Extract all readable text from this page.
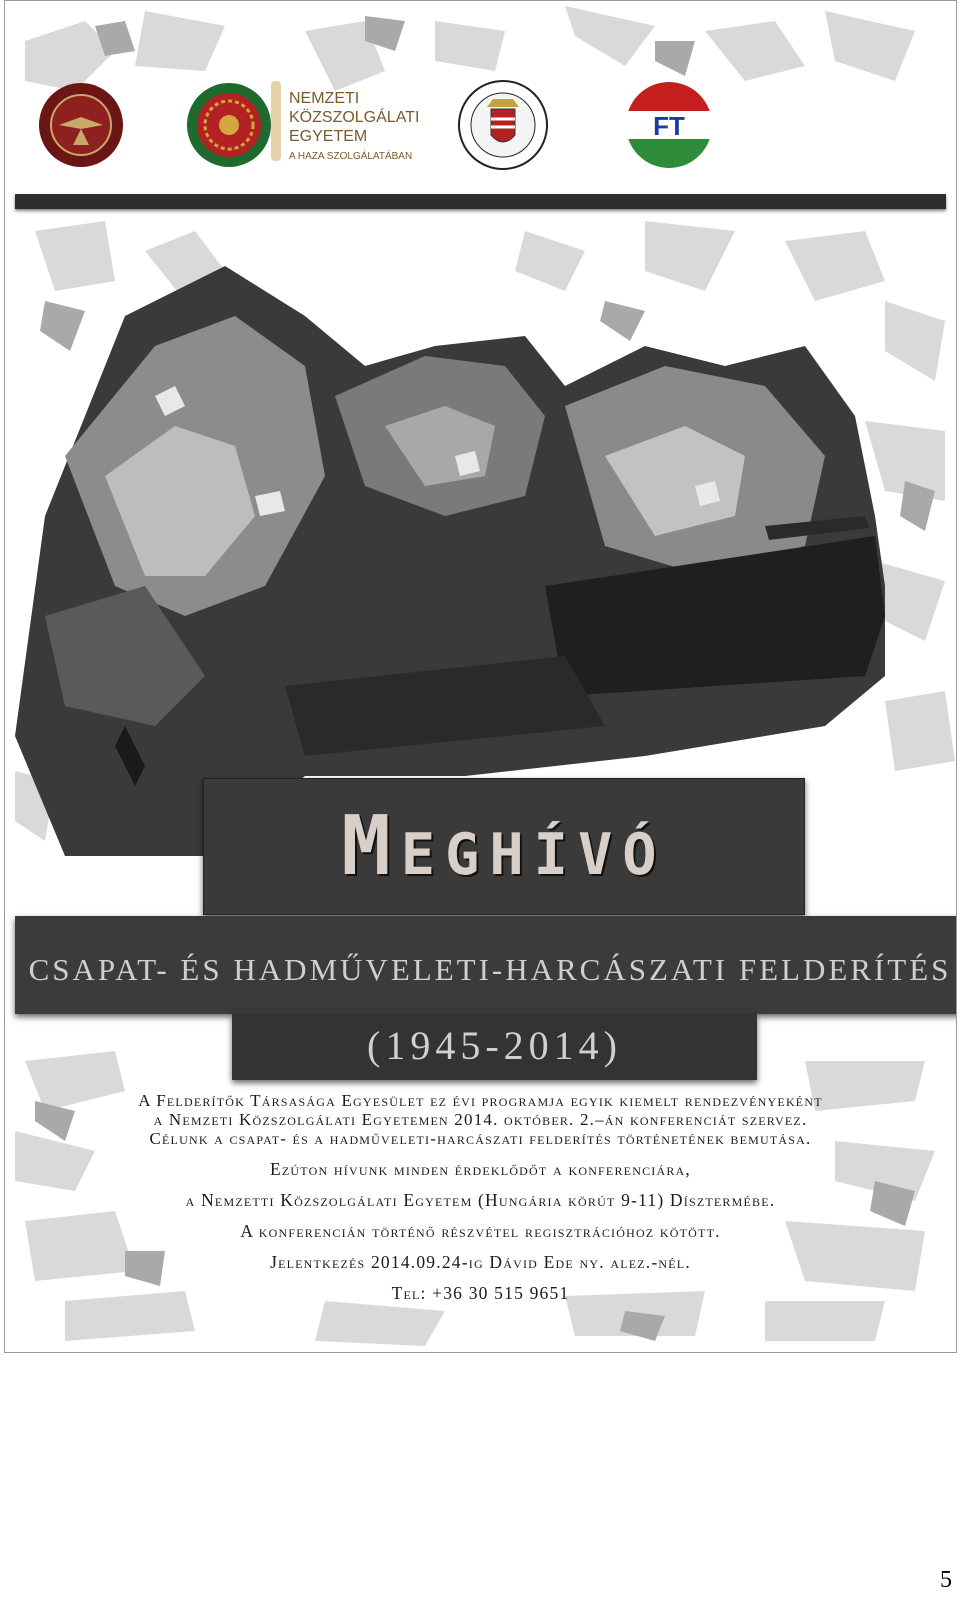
NEMZETI
KÖZSZOLGÁLATI
EGYETEM
A HAZA SZOLGÁLATÁBAN
FT
Meghívó
CSAPAT- ÉS HADMŰVELETI-HARCÁSZATI FELDERÍTÉS
(1945-2014)
A Felderítők Társasága Egyesület ez évi programja egyik kiemelt rendezvényeként
a Nemzeti Közszolgálati Egyetemen 2014. október. 2.–án konferenciát szervez.
Célunk a csapat- és a hadműveleti-harcászati felderítés történetének bemutása.
Ezúton hívunk minden érdeklődőt a konferenciára,
a Nemzetti Közszolgálati Egyetem (Hungária körút 9-11) Dísztermébe.
A konferencián történő részvétel regisztrációhoz kötött.
Jelentkezés 2014.09.24-ig Dávid Ede ny. alez.-nél.
Tel: +36 30 515 9651
5
